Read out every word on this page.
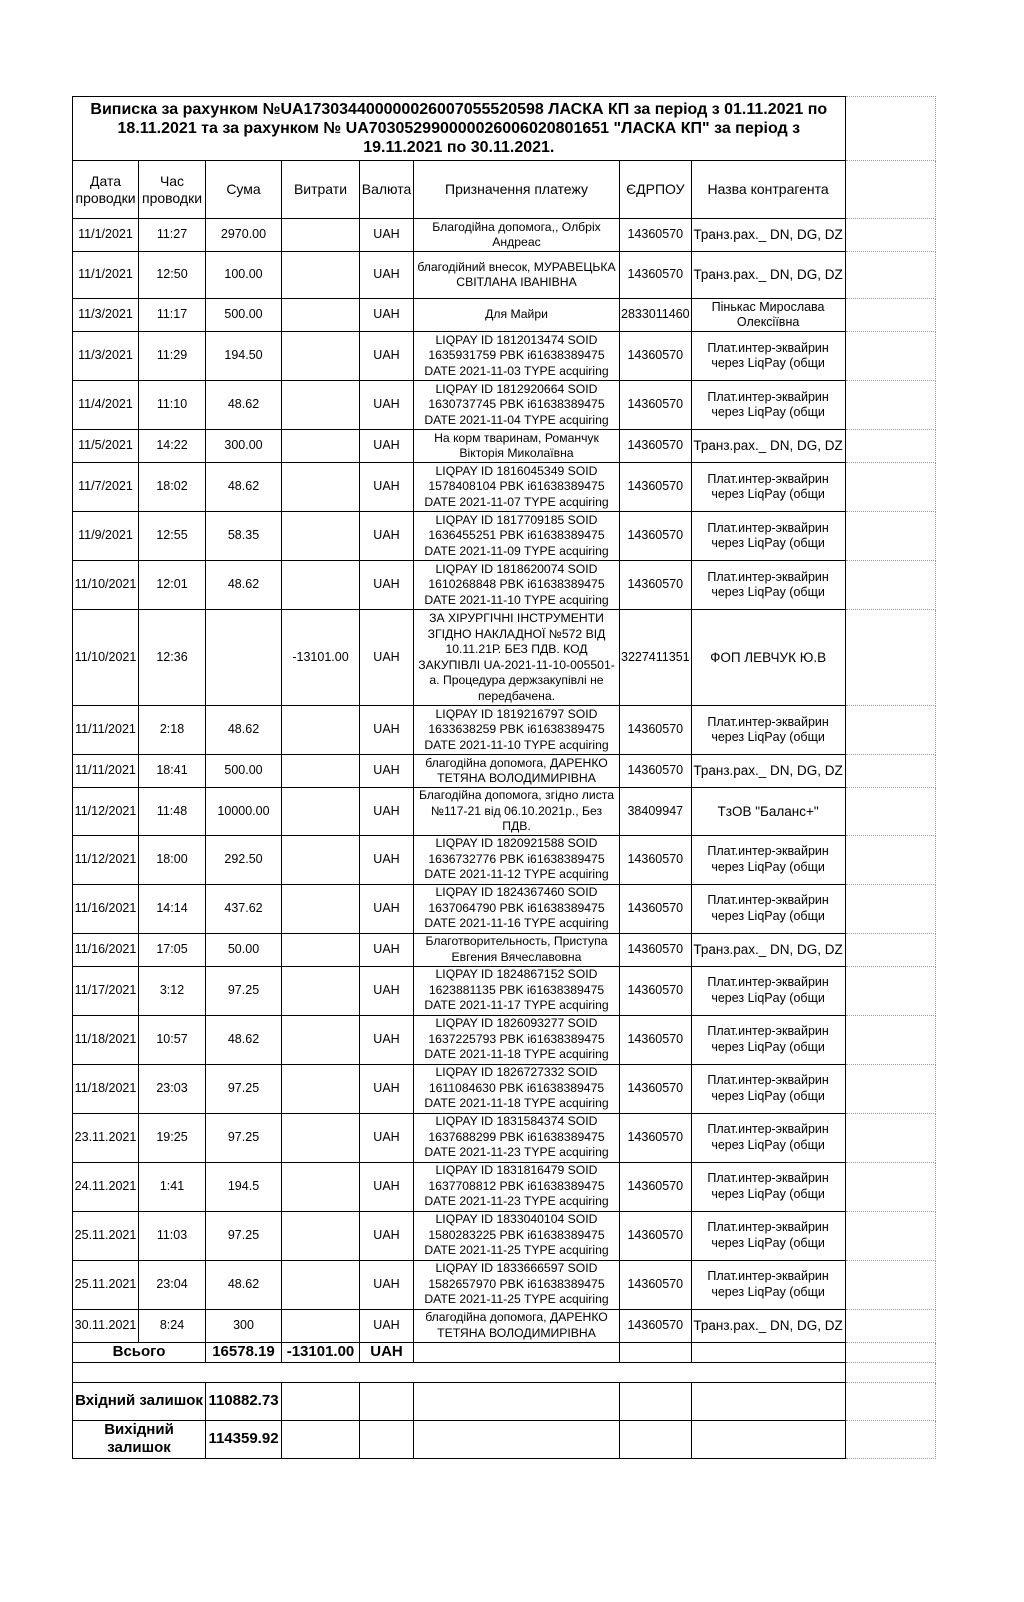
Виписка за рахунком №UA173034400000026007055520598 ЛАСКА КП за період з 01.11.2021 по 18.11.2021 та за рахунком № UA703052990000026006020801651 "ЛАСКА КП" за період з 19.11.2021 по 30.11.2021.								
Дата проводки	Час проводки	Сума	Витрати	Валюта	Призначення платежу	ЄДРПОУ	Назва контрагента	
11/1/2021	11:27	2970.00		UAH	Благодійна допомога,, Олбріх Андреас	14360570	Транз.рах._ DN, DG, DZ	
11/1/2021	12:50	100.00		UAH	благодійний внесок, МУРАВЕЦЬКА СВІТЛАНА ІВАНІВНА	14360570	Транз.рах._ DN, DG, DZ	
11/3/2021	11:17	500.00		UAH	Для Майри	2833011460	Пінькас Мирослава Олексіївна	
11/3/2021	11:29	194.50		UAH	LIQPAY ID 1812013474 SOID 1635931759 PBK i61638389475 DATE 2021-11-03 TYPE acquiring	14360570	Плат.интер-эквайрин через LiqPay (общи	
11/4/2021	11:10	48.62		UAH	LIQPAY ID 1812920664 SOID 1630737745 PBK i61638389475 DATE 2021-11-04 TYPE acquiring	14360570	Плат.интер-эквайрин через LiqPay (общи	
11/5/2021	14:22	300.00		UAH	На корм тваринам, Романчук Вікторія Миколаївна	14360570	Транз.рах._ DN, DG, DZ	
11/7/2021	18:02	48.62		UAH	LIQPAY ID 1816045349 SOID 1578408104 PBK i61638389475 DATE 2021-11-07 TYPE acquiring	14360570	Плат.интер-эквайрин через LiqPay (общи	
11/9/2021	12:55	58.35		UAH	LIQPAY ID 1817709185 SOID 1636455251 PBK i61638389475 DATE 2021-11-09 TYPE acquiring	14360570	Плат.интер-эквайрин через LiqPay (общи	
11/10/2021	12:01	48.62		UAH	LIQPAY ID 1818620074 SOID 1610268848 PBK i61638389475 DATE 2021-11-10 TYPE acquiring	14360570	Плат.интер-эквайрин через LiqPay (общи	
11/10/2021	12:36		-13101.00	UAH	ЗА ХІРУРГІЧНІ ІНСТРУМЕНТИ ЗГІДНО НАКЛАДНОЇ №572 ВІД 10.11.21Р. БЕЗ ПДВ. КОД ЗАКУПІВЛІ UA-2021-11-10-005501-а. Процедура держзакупівлі не передбачена.	3227411351	ФОП ЛЕВЧУК Ю.В	
11/11/2021	2:18	48.62		UAH	LIQPAY ID 1819216797 SOID 1633638259 PBK i61638389475 DATE 2021-11-10 TYPE acquiring	14360570	Плат.интер-эквайрин через LiqPay (общи	
11/11/2021	18:41	500.00		UAH	благодійна допомога, ДАРЕНКО ТЕТЯНА ВОЛОДИМИРІВНА	14360570	Транз.рах._ DN, DG, DZ	
11/12/2021	11:48	10000.00		UAH	Благодійна допомога, згідно листа №117-21 від 06.10.2021р., Без ПДВ.	38409947	ТзОВ "Баланс+"	
11/12/2021	18:00	292.50		UAH	LIQPAY ID 1820921588 SOID 1636732776 PBK i61638389475 DATE 2021-11-12 TYPE acquiring	14360570	Плат.интер-эквайрин через LiqPay (общи	
11/16/2021	14:14	437.62		UAH	LIQPAY ID 1824367460 SOID 1637064790 PBK i61638389475 DATE 2021-11-16 TYPE acquiring	14360570	Плат.интер-эквайрин через LiqPay (общи	
11/16/2021	17:05	50.00		UAH	Благотворительность, Приступа Евгения Вячеславовна	14360570	Транз.рах._ DN, DG, DZ	
11/17/2021	3:12	97.25		UAH	LIQPAY ID 1824867152 SOID 1623881135 PBK i61638389475 DATE 2021-11-17 TYPE acquiring	14360570	Плат.интер-эквайрин через LiqPay (общи	
11/18/2021	10:57	48.62		UAH	LIQPAY ID 1826093277 SOID 1637225793 PBK i61638389475 DATE 2021-11-18 TYPE acquiring	14360570	Плат.интер-эквайрин через LiqPay (общи	
11/18/2021	23:03	97.25		UAH	LIQPAY ID 1826727332 SOID 1611084630 PBK i61638389475 DATE 2021-11-18 TYPE acquiring	14360570	Плат.интер-эквайрин через LiqPay (общи	
23.11.2021	19:25	97.25		UAH	LIQPAY ID 1831584374 SOID 1637688299 PBK i61638389475 DATE 2021-11-23 TYPE acquiring	14360570	Плат.интер-эквайрин через LiqPay (общи	
24.11.2021	1:41	194.5		UAH	LIQPAY ID 1831816479 SOID 1637708812 PBK i61638389475 DATE 2021-11-23 TYPE acquiring	14360570	Плат.интер-эквайрин через LiqPay (общи	
25.11.2021	11:03	97.25		UAH	LIQPAY ID 1833040104 SOID 1580283225 PBK i61638389475 DATE 2021-11-25 TYPE acquiring	14360570	Плат.интер-эквайрин через LiqPay (общи	
25.11.2021	23:04	48.62		UAH	LIQPAY ID 1833666597 SOID 1582657970 PBK i61638389475 DATE 2021-11-25 TYPE acquiring	14360570	Плат.интер-эквайрин через LiqPay (общи	
30.11.2021	8:24	300		UAH	благодійна допомога, ДАРЕНКО ТЕТЯНА ВОЛОДИМИРІВНА	14360570	Транз.рах._ DN, DG, DZ	
Всього		16578.19	-13101.00	UAH				

Вхідний залишок		110882.73						
Вихідний залишок		114359.92						
